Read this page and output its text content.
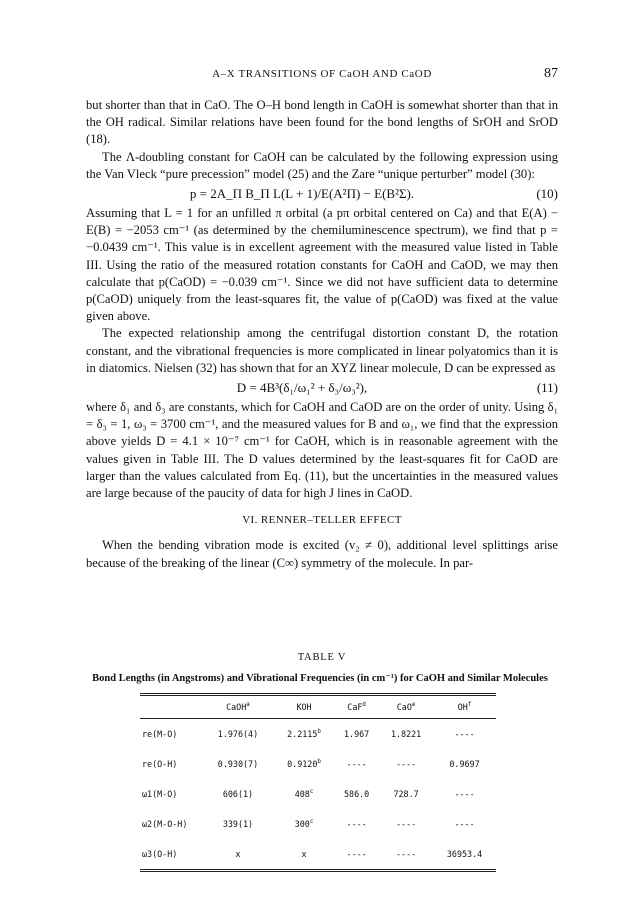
A–X TRANSITIONS OF CaOH AND CaOD	87

but shorter than that in CaO. The O–H bond length in CaOH is somewhat shorter than that in the OH radical. Similar relations have been found for the bond lengths of SrOH and SrOD (18).

The Λ-doubling constant for CaOH can be calculated by the following expression using the Van Vleck “pure precession” model (25) and the Zare “unique perturber” model (30):

p = 2A_Π B_Π L(L + 1)/E(A²Π) − E(B²Σ).	(10)

Assuming that L = 1 for an unfilled π orbital (a pπ orbital centered on Ca) and that E(A) − E(B) = −2053 cm⁻¹ (as determined by the chemiluminescence spectrum), we find that p = −0.0439 cm⁻¹. This value is in excellent agreement with the measured value listed in Table III. Using the ratio of the measured rotation constants for CaOH and CaOD, we may then calculate that p(CaOD) = −0.039 cm⁻¹. Since we did not have sufficient data to determine p(CaOD) uniquely from the least-squares fit, the value of p(CaOD) was fixed at the value given above.

The expected relationship among the centrifugal distortion constant D, the rotation constant, and the vibrational frequencies is more complicated in linear polyatomics than it is in diatomics. Nielsen (32) has shown that for an XYZ linear molecule, D can be expressed as

D = 4B³(δ₁/ω₁² + δ₃/ω₃²),	(11)

where δ₁ and δ₃ are constants, which for CaOH and CaOD are on the order of unity. Using δ₁ = δ₃ = 1, ω₃ = 3700 cm⁻¹, and the measured values for B and ω₁, we find that the expression above yields D = 4.1 × 10⁻⁷ cm⁻¹ for CaOH, which is in reasonable agreement with the values given in Table III. The D values determined by the least-squares fit for CaOD are larger than the values calculated from Eq. (11), but the uncertainties in the measured values are large because of the paucity of data for high J lines in CaOD.

VI. RENNER–TELLER EFFECT

When the bending vibration mode is excited (v₂ ≠ 0), additional level splittings arise because of the breaking of the linear (C∞) symmetry of the molecule. In par-

TABLE V
Bond Lengths (in Angstroms) and Vibrational Frequencies (in cm⁻¹) for CaOH and Similar Molecules
	CaOH$^a$	KOH	CaF$^d$	CaO$^e$	$OH^f$

re(M-O)	1.976(4)	2.2115$^b$	1.967	1.8221	----
re(O-H)	0.930(7)	0.9120$^b$	----	----	0.9697
ω1(M-O)	606(1)	408$^c$	586.0	728.7	----
ω2(M-O-H)	339(1)	300$^c$	----	----	----
ω3(O-H)	x	x	----	----	36953.4
